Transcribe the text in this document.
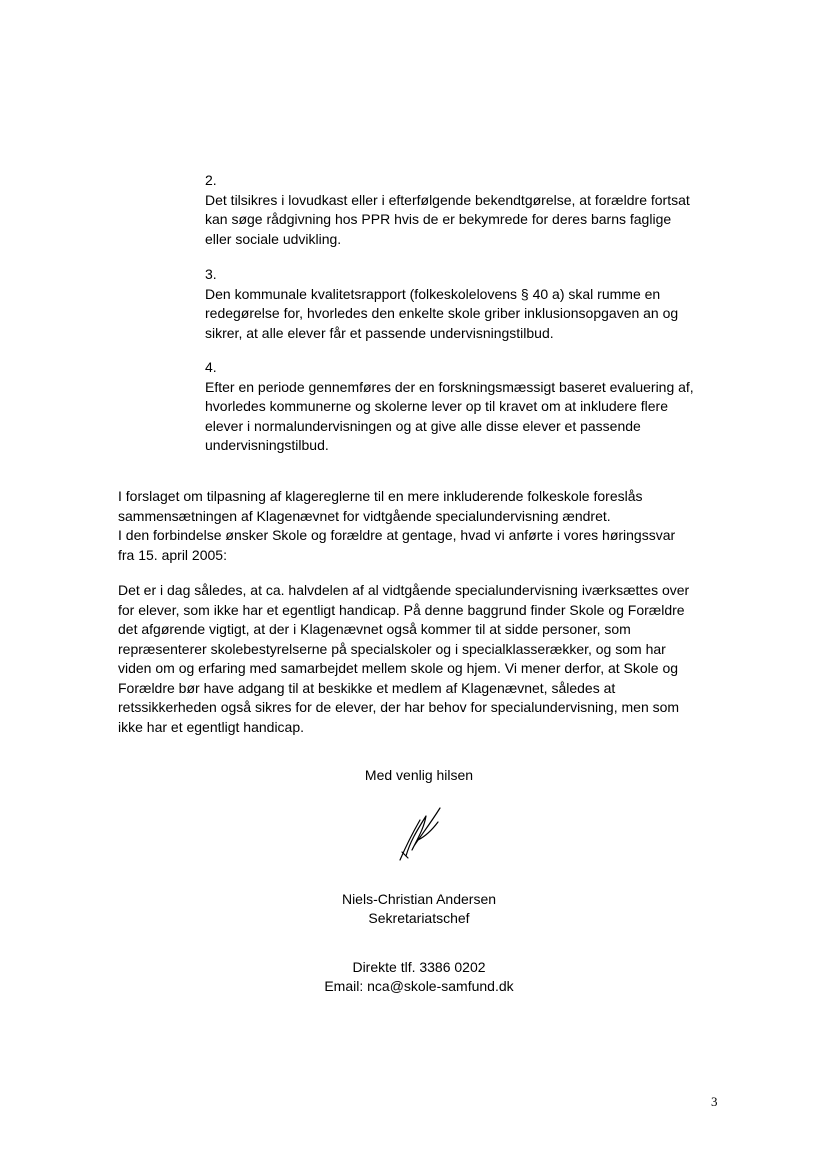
2.
Det tilsikres i lovudkast eller i efterfølgende bekendtgørelse, at forældre fortsat
kan søge rådgivning hos PPR hvis de er bekymrede for deres barns faglige
eller sociale udvikling.
3.
Den kommunale kvalitetsrapport (folkeskolelovens § 40 a) skal rumme en
redegørelse for, hvorledes den enkelte skole griber inklusionsopgaven an og
sikrer, at alle elever får et passende undervisningstilbud.
4.
Efter en periode gennemføres der en forskningsmæssigt baseret evaluering af,
hvorledes kommunerne og skolerne lever op til kravet om at inkludere flere
elever i normalundervisningen og at give alle disse elever et passende
undervisningstilbud.
I forslaget om tilpasning af klagereglerne til en mere inkluderende folkeskole foreslås
sammensætningen af Klagenævnet for vidtgående specialundervisning ændret.
I den forbindelse ønsker Skole og forældre at gentage, hvad vi anførte i vores høringssvar
fra 15. april 2005:
Det er i dag således, at ca. halvdelen af al vidtgående specialundervisning iværksættes over
for elever, som ikke har et egentligt handicap. På denne baggrund finder Skole og Forældre
det afgørende vigtigt, at der i Klagenævnet også kommer til at sidde personer, som
repræsenterer skolebestyrelserne på specialskoler og i specialklasserækker, og som har
viden om og erfaring med samarbejdet mellem skole og hjem. Vi mener derfor, at Skole og
Forældre bør have adgang til at beskikke et medlem af Klagenævnet, således at
retssikkerheden også sikres for de elever, der har behov for specialundervisning, men som
ikke har et egentligt handicap.
Med venlig hilsen
Niels-Christian Andersen
Sekretariatschef
Direkte tlf. 3386 0202
Email: nca@skole-samfund.dk
3
